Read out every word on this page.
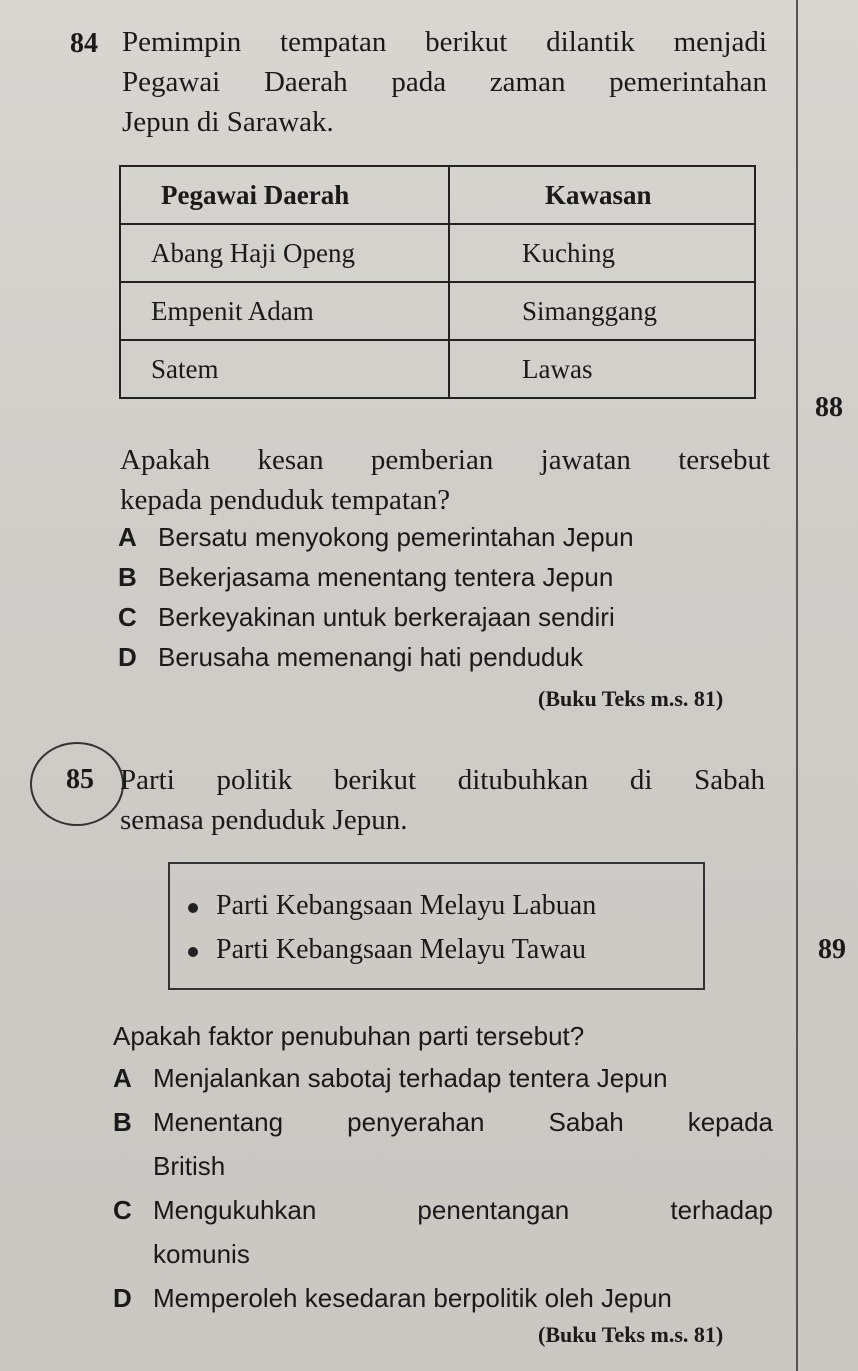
84 Pemimpin tempatan berikut dilantik menjadi
Pegawai Daerah pada zaman pemerintahan
Jepun di Sarawak.
Pegawai Daerah	Kawasan
Abang Haji Openg	Kuching
Empenit Adam	Simanggang
Satem	Lawas
88
Apakah kesan pemberian jawatan tersebut
kepada penduduk tempatan?
A Bersatu menyokong pemerintahan Jepun
B Bekerjasama menentang tentera Jepun
C Berkeyakinan untuk berkerajaan sendiri
D Berusaha memenangi hati penduduk
(Buku Teks m.s. 81)
85 Parti politik berikut ditubuhkan di Sabah
semasa penduduk Jepun.
Parti Kebangsaan Melayu Labuan
Parti Kebangsaan Melayu Tawau	89
Apakah faktor penubuhan parti tersebut?
A Menjalankan sabotaj terhadap tentera Jepun
B Menentang penyerahan Sabah kepada
British
C Mengukuhkan penentangan terhadap
komunis
D Memperoleh kesedaran berpolitik oleh Jepun
(Buku Teks m.s. 81)
